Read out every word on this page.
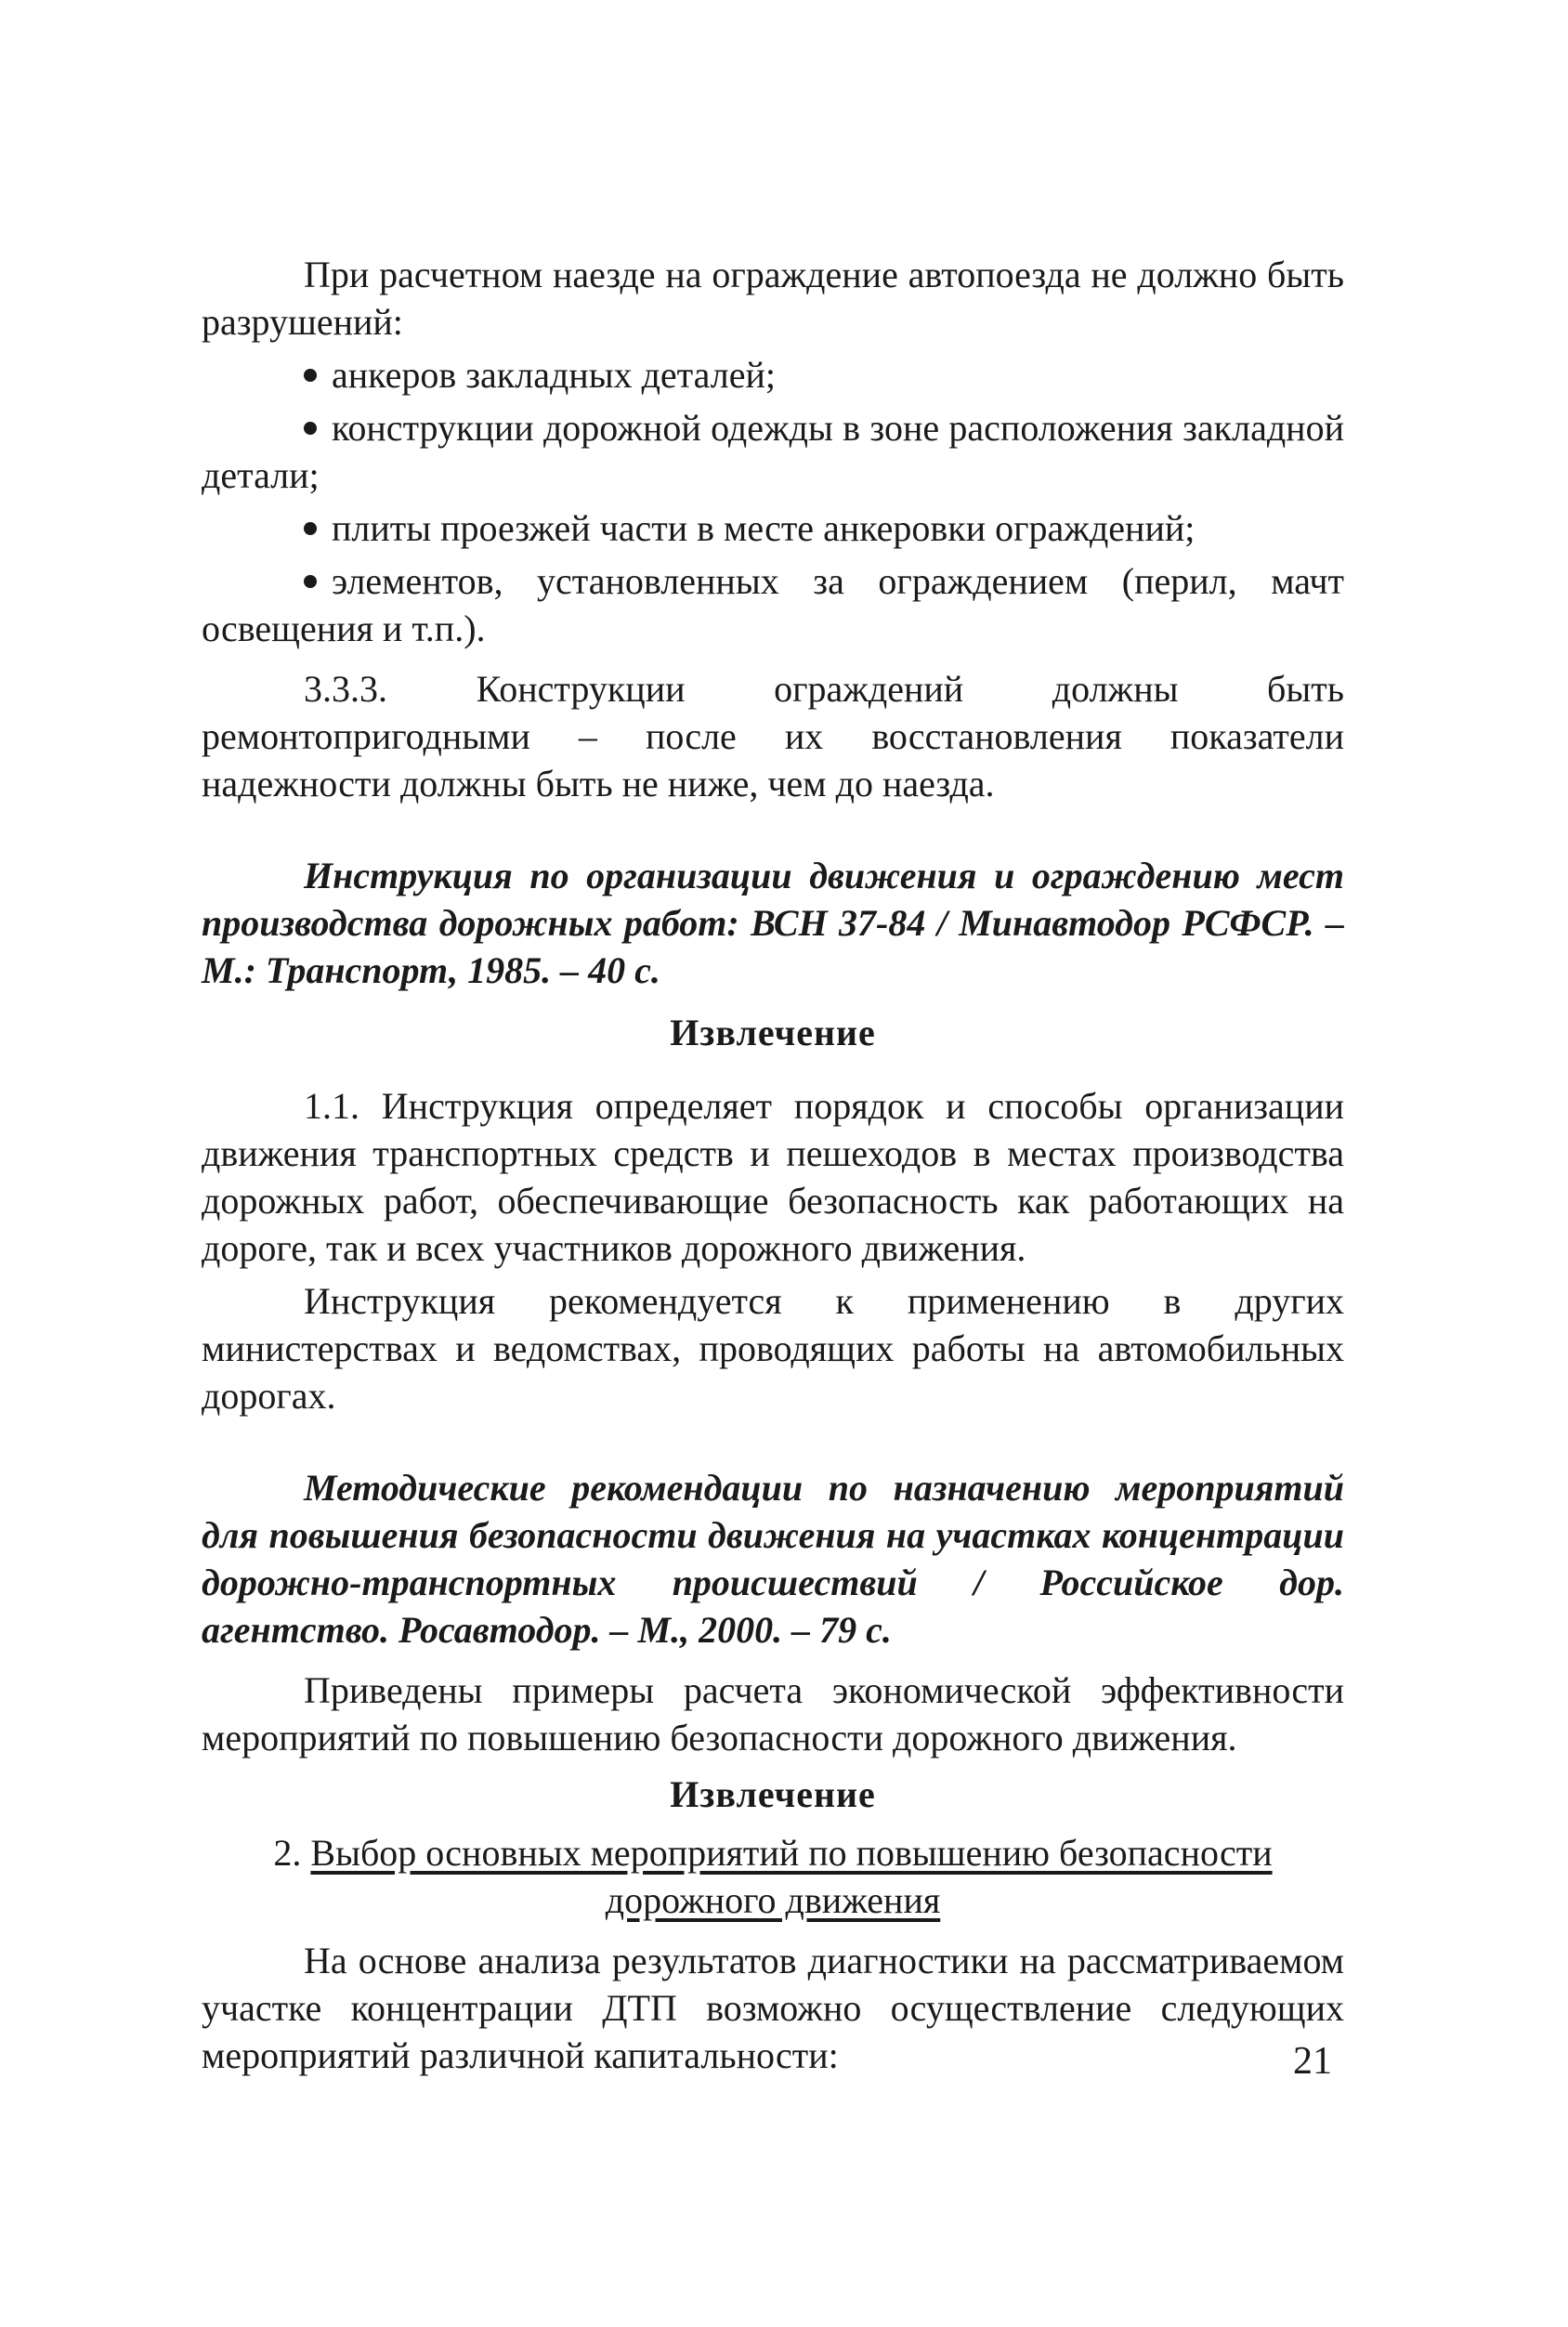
При расчетном наезде на ограждение автопоезда не должно быть разрушений:

анкеров закладных деталей;

конструкции дорожной одежды в зоне расположения закладной детали;

плиты проезжей части в месте анкеровки ограждений;

элементов, установленных за ограждением (перил, мачт освещения и т.п.).

3.3.3. Конструкции ограждений должны быть ремонтопригодными – после их восстановления показатели надежности должны быть не ниже, чем до наезда.

Инструкция по организации движения и ограждению мест производства дорожных работ: ВСН 37-84 / Минавтодор РСФСР. – М.: Транспорт, 1985. – 40 с.

Извлечение

1.1. Инструкция определяет порядок и способы организации движения транспортных средств и пешеходов в местах производства дорожных работ, обеспечивающие безопасность как работающих на дороге, так и всех участников дорожного движения.

Инструкция рекомендуется к применению в других министерствах и ведомствах, проводящих работы на автомобильных дорогах.

Методические рекомендации по назначению мероприятий для повышения безопасности движения на участках концентрации дорожно-транспортных происшествий / Российское дор. агентство. Росавтодор. – М., 2000. – 79 с.

Приведены примеры расчета экономической эффективности мероприятий по повышению безопасности дорожного движения.

Извлечение

2. Выбор основных мероприятий по повышению безопасности дорожного движения

На основе анализа результатов диагностики на рассматриваемом участке концентрации ДТП возможно осуществление следующих мероприятий различной капитальности:	21
